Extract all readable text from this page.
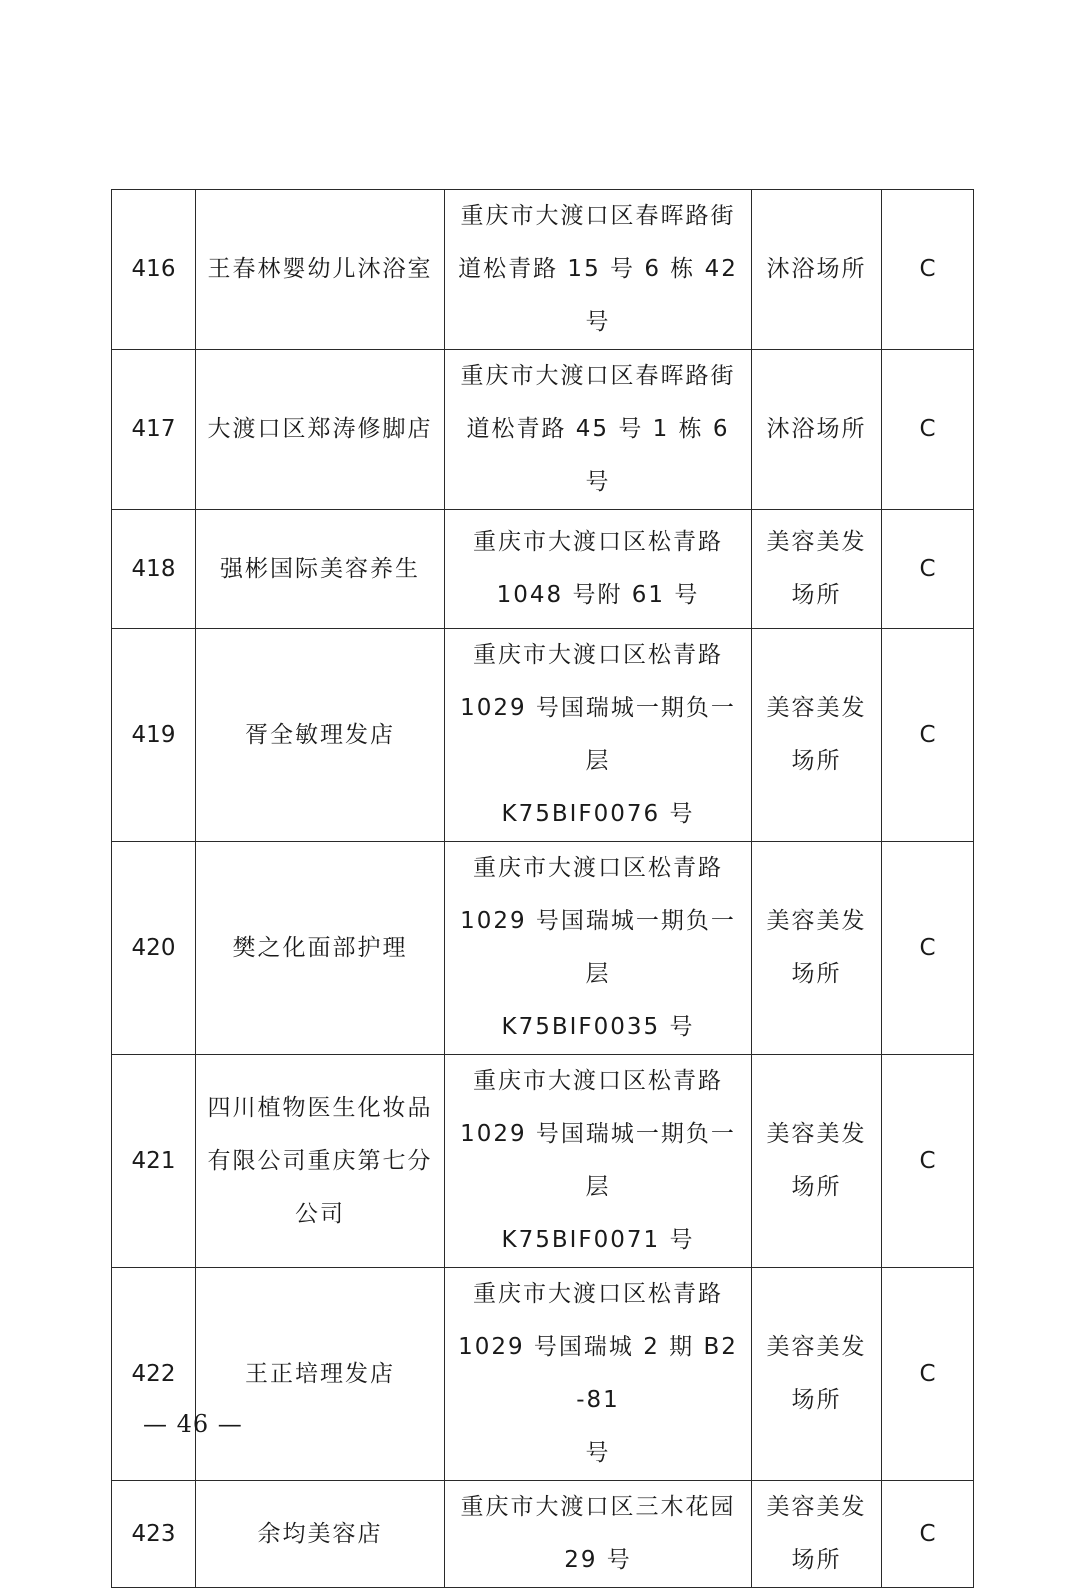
416	王春林婴幼儿沐浴室	重庆市大渡口区春晖路街
道松青路 15 号 6 栋 42 号	沐浴场所	C
417	大渡口区郑涛修脚店	重庆市大渡口区春晖路街
道松青路 45 号 1 栋 6 号	沐浴场所	C
418	强彬国际美容养生	重庆市大渡口区松青路
1048 号附 61 号	美容美发
场所	C
419	胥全敏理发店	重庆市大渡口区松青路
1029 号国瑞城一期负一层
K75BIF0076 号	美容美发
场所	C
420	樊之化面部护理	重庆市大渡口区松青路
1029 号国瑞城一期负一层
K75BIF0035 号	美容美发
场所	C
421	四川植物医生化妆品
有限公司重庆第七分
公司	重庆市大渡口区松青路
1029 号国瑞城一期负一层
K75BIF0071 号	美容美发
场所	C
422	王正培理发店	重庆市大渡口区松青路
1029 号国瑞城 2 期 B2-81
号	美容美发
场所	C
423	余均美容店	重庆市大渡口区三木花园
29 号	美容美发
场所	C
— 46 —
